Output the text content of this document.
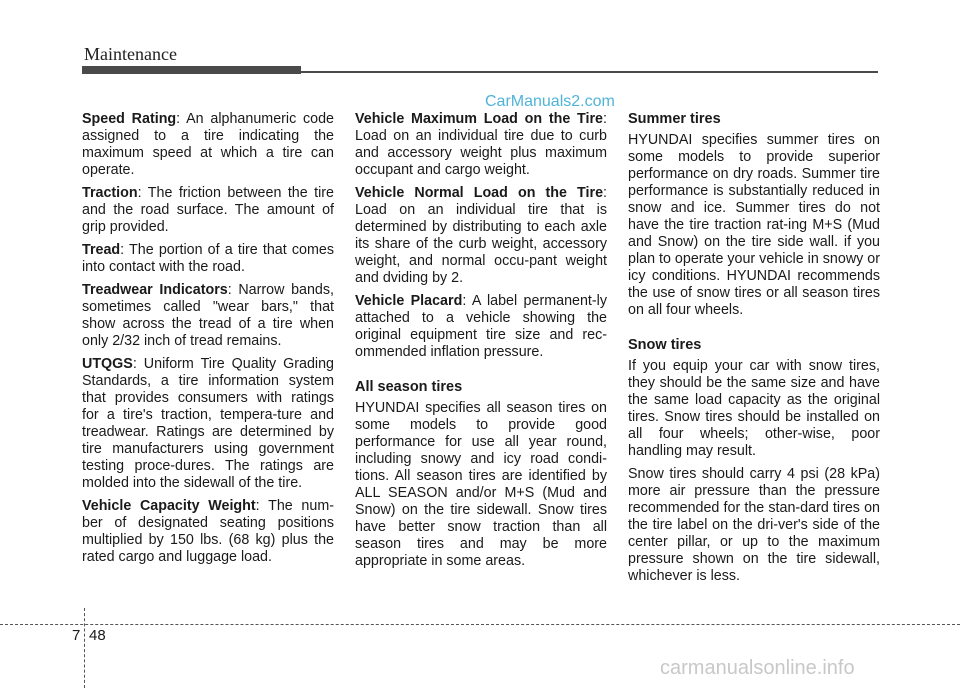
Maintenance
CarManuals2.com

Speed Rating: An alphanumeric code assigned to a tire indicating the maximum speed at which a tire can operate.

Traction: The friction between the tire and the road surface. The amount of grip provided.

Tread: The portion of a tire that comes into contact with the road.

Treadwear Indicators: Narrow bands, sometimes called "wear bars," that show across the tread of a tire when only 2/32 inch of tread remains.

UTQGS: Uniform Tire Quality Grading Standards, a tire information system that provides consumers with ratings for a tire's traction, tempera-ture and treadwear. Ratings are determined by tire manufacturers using government testing proce-dures. The ratings are molded into the sidewall of the tire.

Vehicle Capacity Weight: The num-ber of designated seating positions multiplied by 150 lbs. (68 kg) plus the rated cargo and luggage load.

Vehicle Maximum Load on the Tire: Load on an individual tire due to curb and accessory weight plus maximum occupant and cargo weight.

Vehicle Normal Load on the Tire: Load on an individual tire that is determined by distributing to each axle its share of the curb weight, accessory weight, and normal occu-pant weight and dviding by 2.

Vehicle Placard: A label permanent-ly attached to a vehicle showing the original equipment tire size and rec-ommended inflation pressure.

All season tires

HYUNDAI specifies all season tires on some models to provide good performance for use all year round, including snowy and icy road condi-tions. All season tires are identified by ALL SEASON and/or M+S (Mud and Snow) on the tire sidewall. Snow tires have better snow traction than all season tires and may be more appropriate in some areas.

Summer tires

HYUNDAI specifies summer tires on some models to provide superior performance on dry roads. Summer tire performance is substantially reduced in snow and ice. Summer tires do not have the tire traction rat-ing M+S (Mud and Snow) on the tire side wall. if you plan to operate your vehicle in snowy or icy conditions. HYUNDAI recommends the use of snow tires or all season tires on all four wheels.

Snow tires

If you equip your car with snow tires, they should be the same size and have the same load capacity as the original tires. Snow tires should be installed on all four wheels; other-wise, poor handling may result.

Snow tires should carry 4 psi (28 kPa) more air pressure than the pressure recommended for the stan-dard tires on the tire label on the dri-ver's side of the center pillar, or up to the maximum pressure shown on the tire sidewall, whichever is less.

7 48
carmanualsonline.info
